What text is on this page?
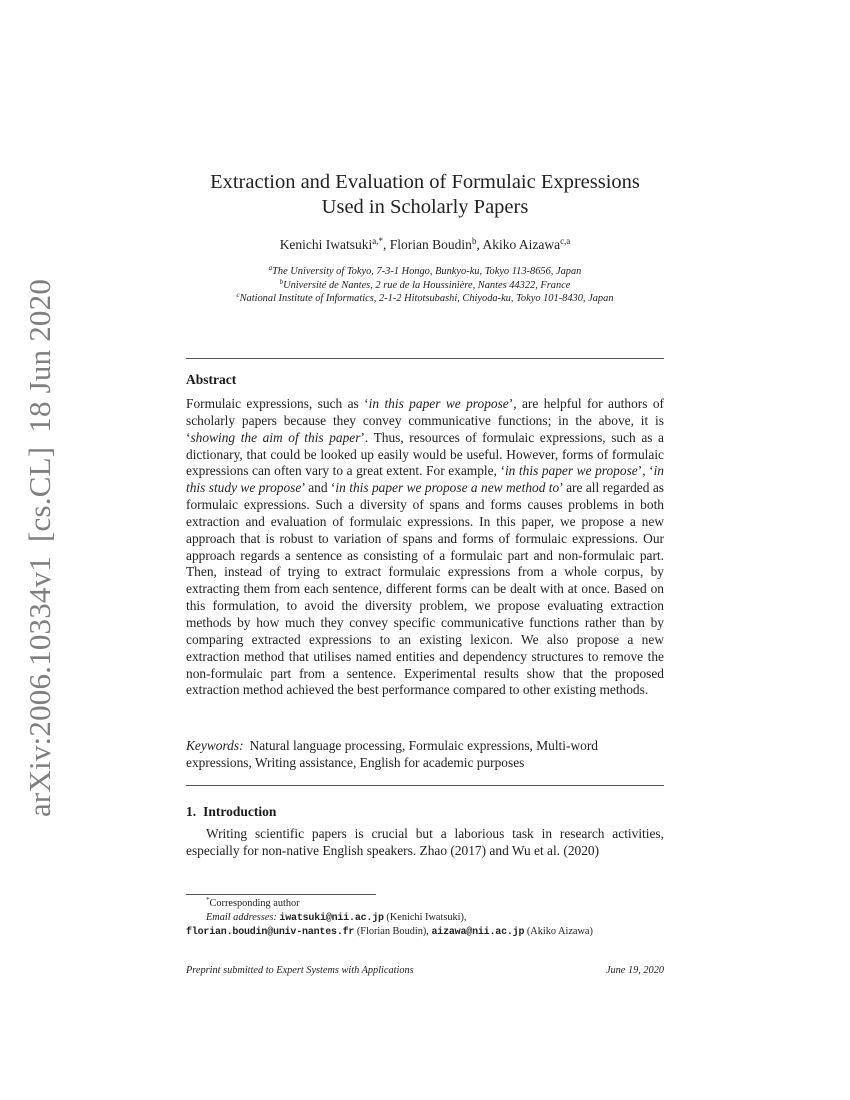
arXiv:2006.10334v1[cs.CL]18 Jun 2020
Extraction and Evaluation of Formulaic Expressions
Used in Scholarly Papers
Kenichi Iwatsuki$^{a,*}$, Florian Boudin$^b$, Akiko Aizawa$^{c,a}$
$^a$The University of Tokyo, 7-3-1 Hongo, Bunkyo-ku, Tokyo 113-8656, Japan
$^b$Université de Nantes, 2 rue de la Houssinière, Nantes 44322, France
$^c$National Institute of Informatics, 2-1-2 Hitotsubashi, Chiyoda-ku, Tokyo 101-8430, Japan
Abstract
Formulaic expressions, such as ‘in this paper we propose’, are helpful for authors of scholarly papers because they convey communicative functions; in the above, it is ‘showing the aim of this paper’. Thus, resources of formulaic expressions, such as a dictionary, that could be looked up easily would be useful. However, forms of formulaic expressions can often vary to a great extent. For example, ‘in this paper we propose’, ‘in this study we propose’ and ‘in this paper we propose a new method to’ are all regarded as formulaic expressions. Such a diversity of spans and forms causes problems in both extraction and evaluation of formulaic expressions. In this paper, we propose a new approach that is robust to variation of spans and forms of formulaic expressions. Our approach regards a sentence as consisting of a formulaic part and non-formulaic part. Then, instead of trying to extract formulaic expressions from a whole corpus, by extracting them from each sentence, different forms can be dealt with at once. Based on this formulation, to avoid the diversity problem, we propose evaluating extraction methods by how much they convey specific communicative functions rather than by comparing extracted expressions to an existing lexicon. We also propose a new extraction method that utilises named entities and dependency structures to remove the non-formulaic part from a sentence. Experimental results show that the proposed extraction method achieved the best performance compared to other existing methods.
Keywords: Natural language processing, Formulaic expressions, Multi-word expressions, Writing assistance, English for academic purposes
1. Introduction
Writing scientific papers is crucial but a laborious task in research activities, especially for non-native English speakers. Zhao (2017) and Wu et al. (2020)
*Corresponding author
Email addresses: iwatsuki@nii.ac.jp (Kenichi Iwatsuki),
florian.boudin@univ-nantes.fr (Florian Boudin), aizawa@nii.ac.jp (Akiko Aizawa)
Preprint submitted to Expert Systems with Applications	June 19, 2020
